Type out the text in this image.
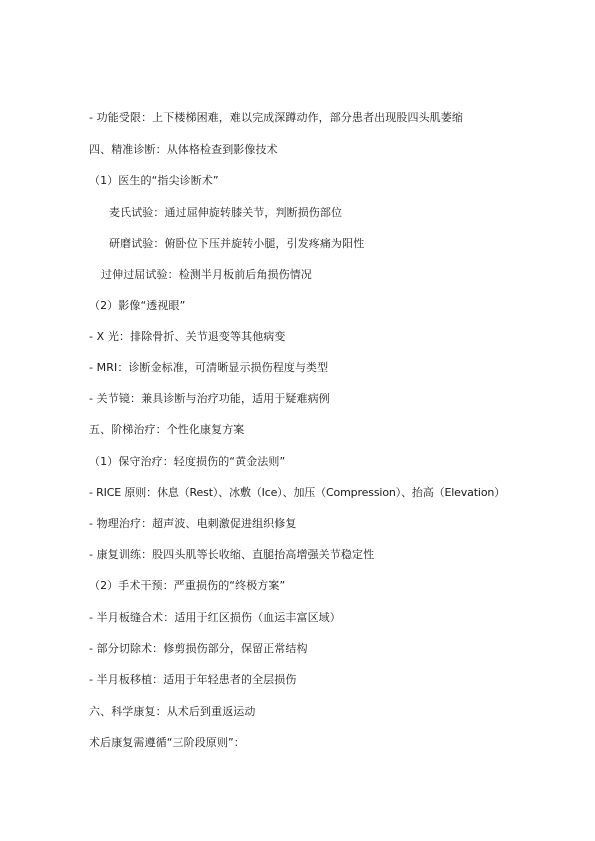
- 功能受限：上下楼梯困难，难以完成深蹲动作，部分患者出现股四头肌萎缩
四、精准诊断：从体格检查到影像技术
（1）医生的“指尖诊断术”
麦氏试验：通过屈伸旋转膝关节，判断损伤部位
研磨试验：俯卧位下压并旋转小腿，引发疼痛为阳性
过伸过屈试验：检测半月板前后角损伤情况
（2）影像“透视眼”
- X 光：排除骨折、关节退变等其他病变
- MRI：诊断金标准，可清晰显示损伤程度与类型
- 关节镜：兼具诊断与治疗功能，适用于疑难病例
五、阶梯治疗：个性化康复方案
（1）保守治疗：轻度损伤的“黄金法则”
- RICE 原则：休息（Rest）、冰敷（Ice）、加压（Compression）、抬高（Elevation）
- 物理治疗：超声波、电刺激促进组织修复
- 康复训练：股四头肌等长收缩、直腿抬高增强关节稳定性
（2）手术干预：严重损伤的“终极方案”
- 半月板缝合术：适用于红区损伤（血运丰富区域）
- 部分切除术：修剪损伤部分，保留正常结构
- 半月板移植：适用于年轻患者的全层损伤
六、科学康复：从术后到重返运动
术后康复需遵循“三阶段原则”：
